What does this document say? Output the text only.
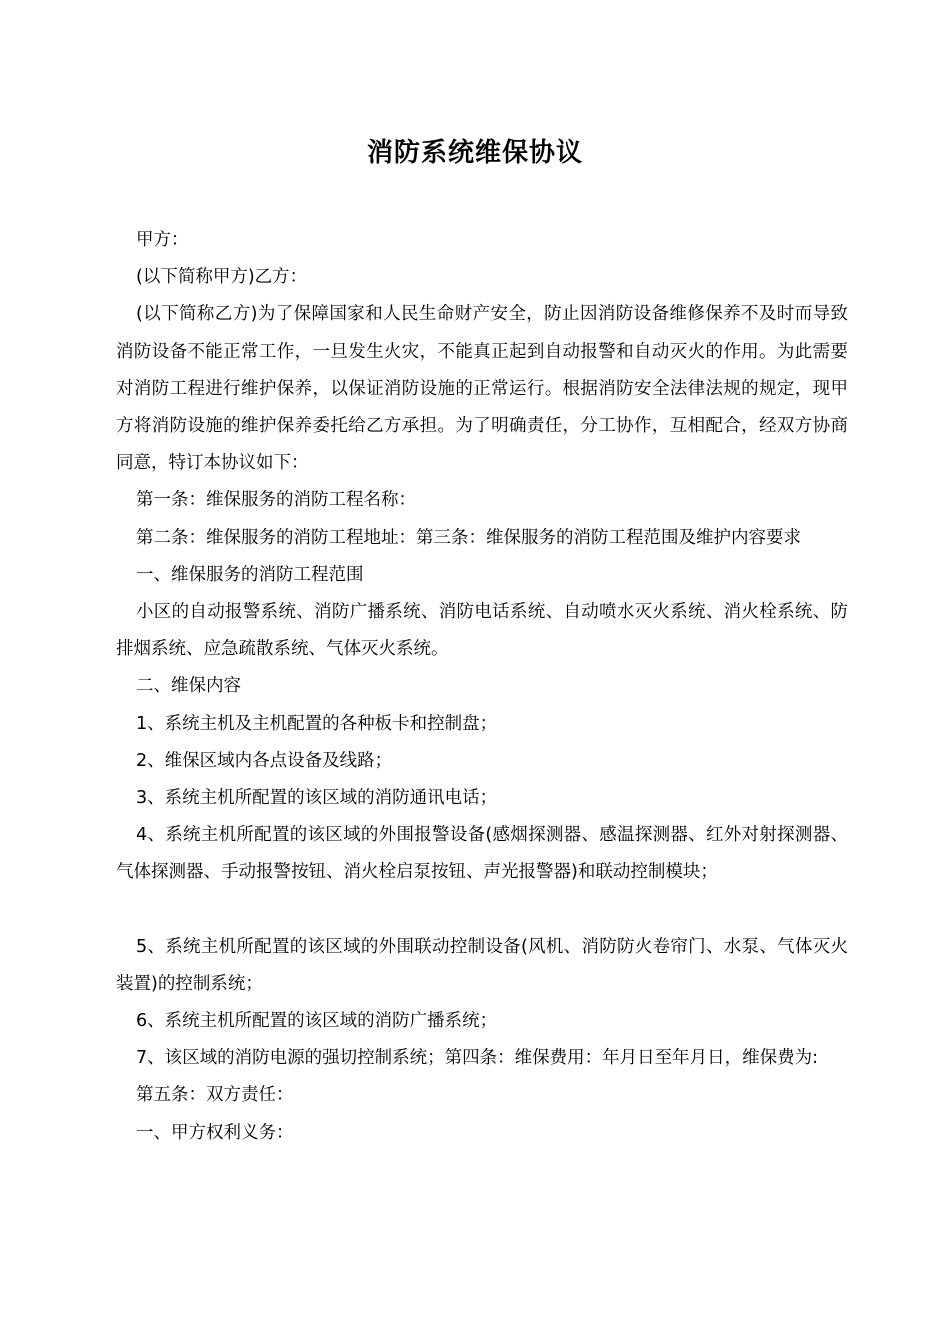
消防系统维保协议

甲方：

(以下简称甲方)乙方：

(以下简称乙方)为了保障国家和人民生命财产安全，防止因消防设备维修保养不及时而导致消防设备不能正常工作，一旦发生火灾，不能真正起到自动报警和自动灭火的作用。为此需要对消防工程进行维护保养，以保证消防设施的正常运行。根据消防安全法律法规的规定，现甲方将消防设施的维护保养委托给乙方承担。为了明确责任，分工协作，互相配合，经双方协商同意，特订本协议如下：

第一条：维保服务的消防工程名称：

第二条：维保服务的消防工程地址：第三条：维保服务的消防工程范围及维护内容要求

一、维保服务的消防工程范围

小区的自动报警系统、消防广播系统、消防电话系统、自动喷水灭火系统、消火栓系统、防排烟系统、应急疏散系统、气体灭火系统。

二、维保内容

1、系统主机及主机配置的各种板卡和控制盘；

2、维保区域内各点设备及线路；

3、系统主机所配置的该区域的消防通讯电话；

4、系统主机所配置的该区域的外围报警设备(感烟探测器、感温探测器、红外对射探测器、气体探测器、手动报警按钮、消火栓启泵按钮、声光报警器)和联动控制模块；

5、系统主机所配置的该区域的外围联动控制设备(风机、消防防火卷帘门、水泵、气体灭火装置)的控制系统；

6、系统主机所配置的该区域的消防广播系统；

7、该区域的消防电源的强切控制系统；第四条：维保费用：年月日至年月日，维保费为:

第五条：双方责任：

一、甲方权利义务：
